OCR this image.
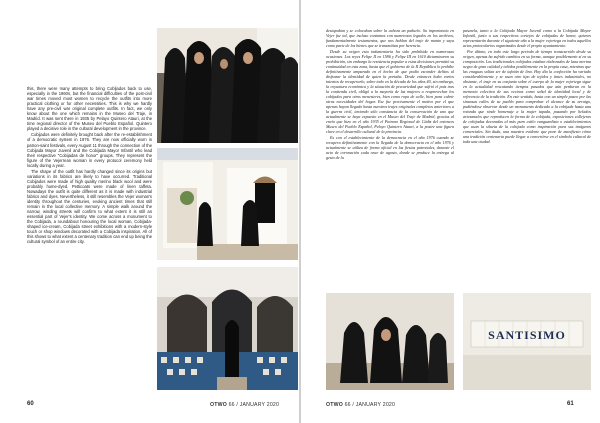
this, there were many attempts to bring Cobljados back to use, especially in the 1960s, but the financial difficulties of the post-civil war times moved most women to recycle the outfits into more practical clothing or for other necessities. This is why we hardly have any pre-civil war original complete outfits. In fact, we only know about the one which remains in the Museo del Traje, in Madrid. It was sent there in 1935 by Pelayo Quintero Atauri, at the time regional director of the Museo del Pueblo Español. Quintero played a decisive role in the cultural development in the province.

Cobijados were definitely brought back after the re-establishment of a democratic system in 1976. They are now officially worn in patron-saint festivals, every August 11 through the connection of the Cobijada Mayor Juvenil and the Cobijada Mayor Infantil who lead their respective "Cobijadas de honor" groups. They represent the figure of the Vejerrean woman in every protocol ceremony held locally during a year.

The shape of the outfit has hardly changed since its origins but variations in its fabrics are likely to have occurred. Traditional Cobijados were made of high quality merino black wool and were probably home-dyed. Petticoats were made of linen taffeta. Nowadays the outfit is quite different as it is made with industrial fabrics and dyes. Nevertheless, it still resembles the Vejer woman's identity throughout the centuries, evoking ancient times that still remain in the local collective memory. A simple walk around the narrow, winding streets will confirm to what extent it is still an essential part of Vejer's identity. We come across a monument to the Cobijada, a roundabout honouring the local woman, Cobijada-shaped ice-cream, Cobijada street exhibitions with a modern-style touch or shop windows decorated with a Cobijada inspiration. All of this shows to what extent a centenary tradition can end up being the cultural symbol of an entire city.

60	OTWO 66 / JANUARY 2020

destapaban y se colocaban sobre la cabeza un pañuelo. Su importancia en Vejer fue tal, que incluso contamos con numerosos legados en los archivos, fundamentalmente testamentos, que nos hablan del traje de manto y saya como parte de los bienes que se transmitían por herencia.

Desde su origen esta indumentaria ha sido prohibida en numerosas ocasiones. Los reyes Felipe II en 1586 y Felipe III en 1610 dictaminaron su prohibición, sin embargo la resistencia popular a estas decisiones permitió su continuidad en esta zona, hasta que el gobierno de la II República lo prohíbe definitivamente amparado en el hecho de que podía esconder delitos al disfrazar la identidad de quien la portaba. Desde entonces hubo varios intentos de recuperarlo, sobre todo en la década de los años 40, sin embargo, la coyuntura económica y la situación de precariedad que sufrió el país tras la contienda civil, obligó a la mayoría de las mujeres a reaprovechar los cobijados para otros menesteres, bien como ropa de calle, bien para cubrir otras necesidades del hogar. Ese fue precisamente el motivo por el que apenas hayan llegado hasta nuestros trajes originales completos anteriores a la guerra civil, teniendo sólo constancia de la conservación de uno que actualmente se haya expuesto en el Museo del Traje de Madrid, gracias al envío que hizo en el año 1935 el Patrono Regional de Cádiz del entonces Museo del Pueblo Español, Pelayo Quintero Atauri, a la postre una figura clave en el desarrollo cultural de la provincia.

Es con el establecimiento de la democracia en el año 1976 cuando se recupera definitivamente con la llegada de la democracia en el año 1976 y actualmente se utiliza de forma oficial en las fiestas patronales, durante el acto de coronación cada once de agosto, donde se produce la entrega al gesto de la

pasarela, tanto a la Cobijada Mayor Juvenil como a la Cobijada Mayor Infantil, junto a sus respectivos cortejos de cobijadas de honor, quienes representarán durante el siguiente año a la mujer vejeriega en todos aquellos actos protocolarios organizados desde el propio ayuntamiento.

Por último, en todo este largo periodo de tiempo transcurrido desde su origen, apenas ha sufrido cambios en su forma, aunque posiblemente sí en su composición. Los tradicionales cobijados estaban elaborados de lana merina negra de gran calidad y teñidos posiblemente en la propia casa, mientras que las enaguas solían ser de tafetán de lino. Hoy día la confección ha variado considerablemente y se usan otro tipo de tejidos y tintes industriales, no obstante, el traje en su conjunto sobre el cuerpo de la mujer vejeriega sigue en la actualidad rescatando tiempos pasados que aún perduran en la memoria colectiva de sus vecinos como señal de identidad local y de referencia de la tradición. En este sentido, basta con un simple paseo por las sinuosas calles de su pueblo para comprobar el alcance de su arraigo, pudiéndose observar desde un monumento dedicado a la cobijada hasta una rotonda que rinde homenaje a la mujer tapada, pasando por helados artesanales que reproducen la forma de la cobijada, exposiciones callejeras de cobijadas decoradas al más puro estilo vanguardista o establecimientos que usan la silueta de la cobijada como inspiración para sus imágenes comerciales. Sin duda, una muestra evidente que pone de manifiesto cómo una tradición centenaria puede llegar a convertirse en el símbolo cultural de toda una ciudad.

SANTISIMO
OTWO 66 / JANUARY 2020	61
